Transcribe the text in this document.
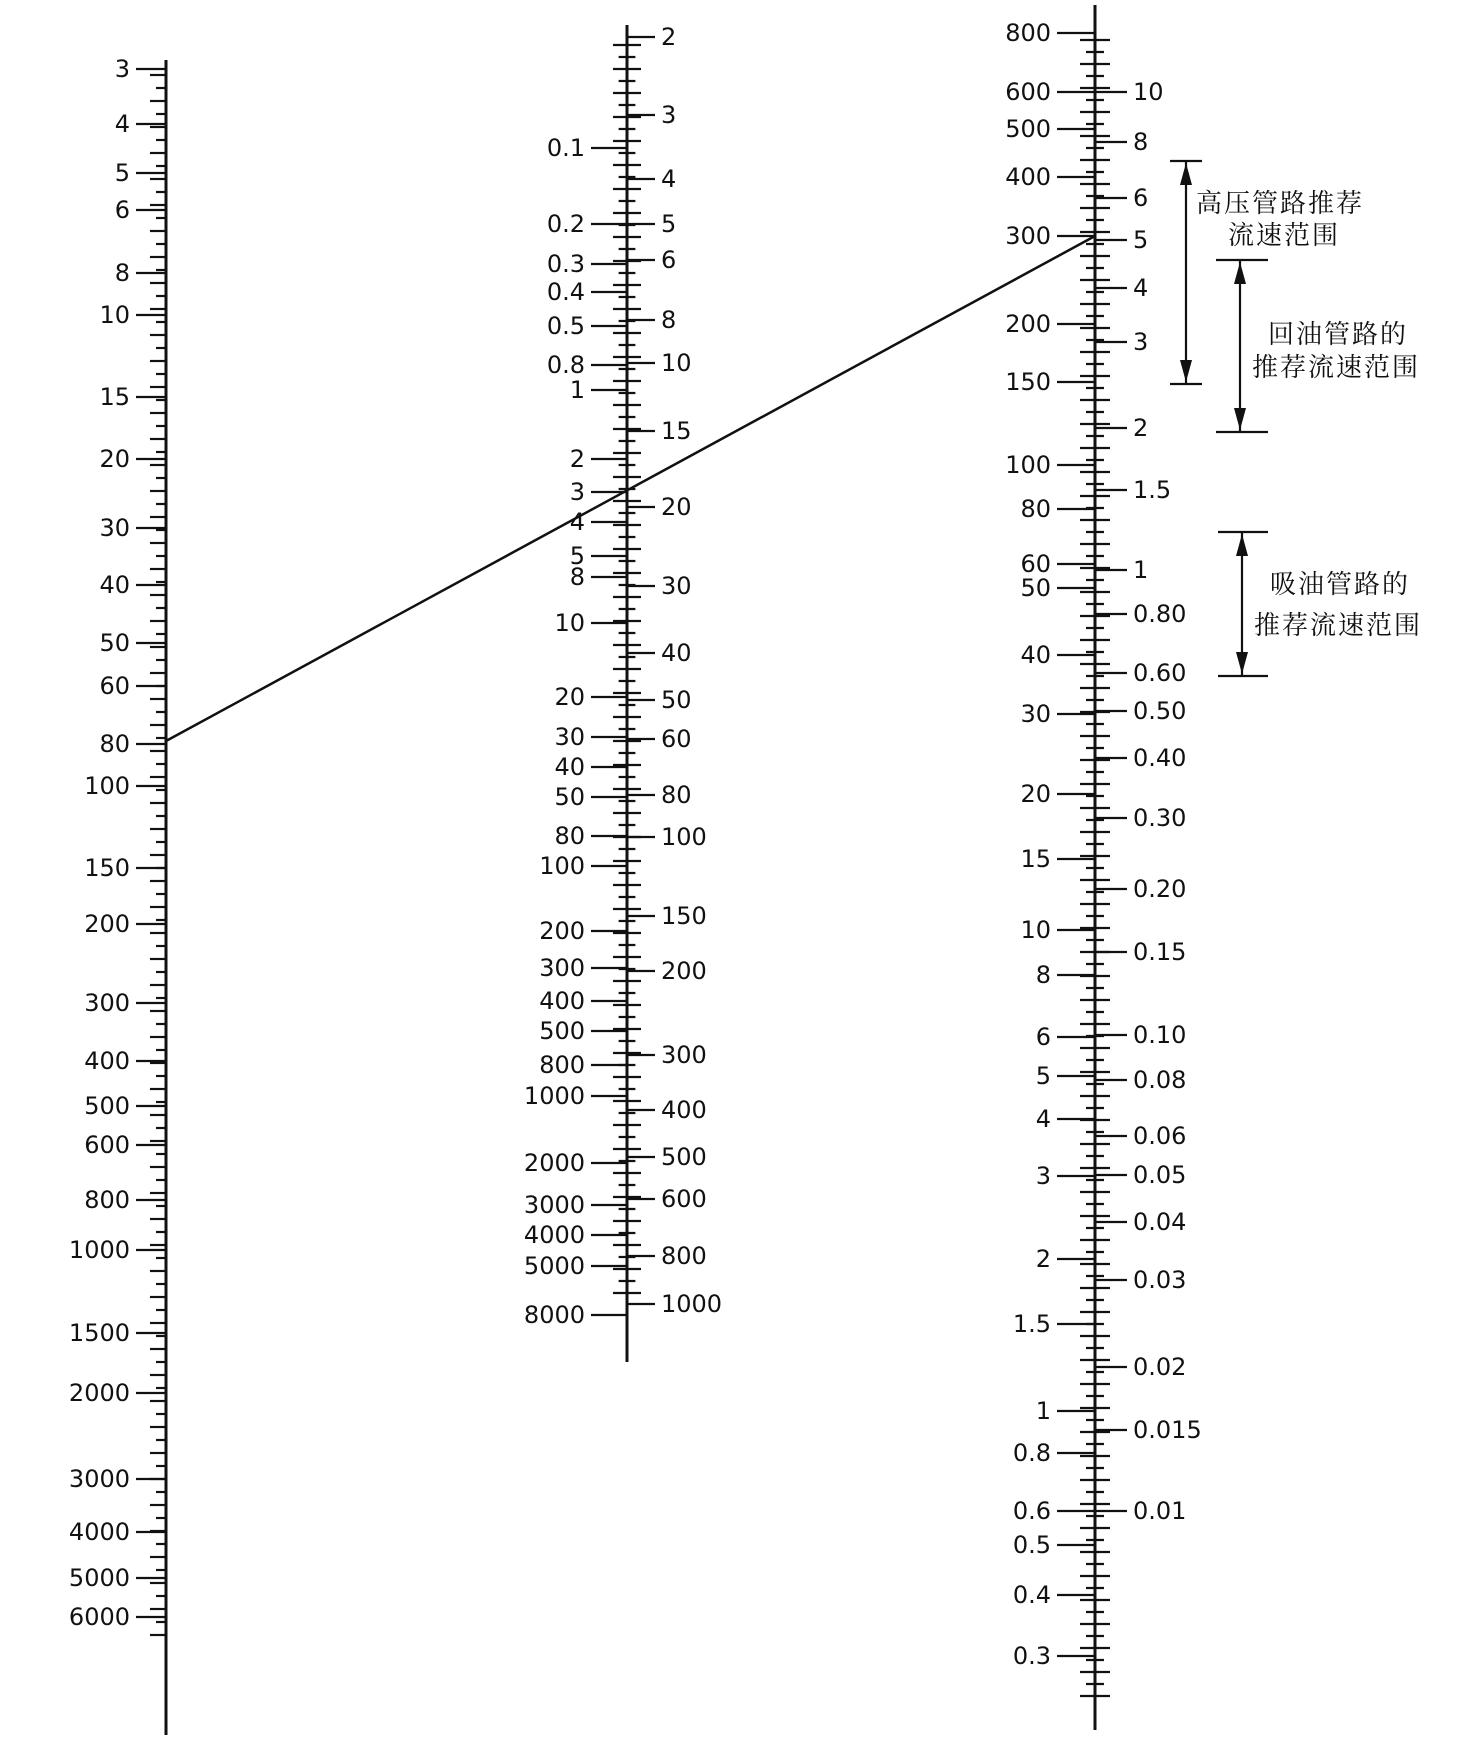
3
4
5
6
8
10
15
20
30
40
50
60
80
100
150
200
300
400
500
600
800
1000
1500
2000
3000
4000
5000
6000
0.1
0.2
0.3
0.4
0.5
0.8
1
2
3
4
5
8
10
20
30
40
50
80
100
200
300
400
500
800
1000
2000
3000
4000
5000
8000
2
3
4
5
6
8
10
15
20
30
40
50
60
80
100
150
200
300
400
500
600
800
1000
800
600
500
400
300
200
150
100
80
60
50
40
30
20
15
10
8
6
5
4
3
2
1.5
1
0.8
0.6
0.5
0.4
0.3
10
8
6
5
4
3
2
1.5
1
0.80
0.60
0.50
0.40
0.30
0.20
0.15
0.10
0.08
0.06
0.05
0.04
0.03
0.02
0.015
0.01
高压管路推荐
流速范围
回油管路的
推荐流速范围
吸油管路的
推荐流速范围
